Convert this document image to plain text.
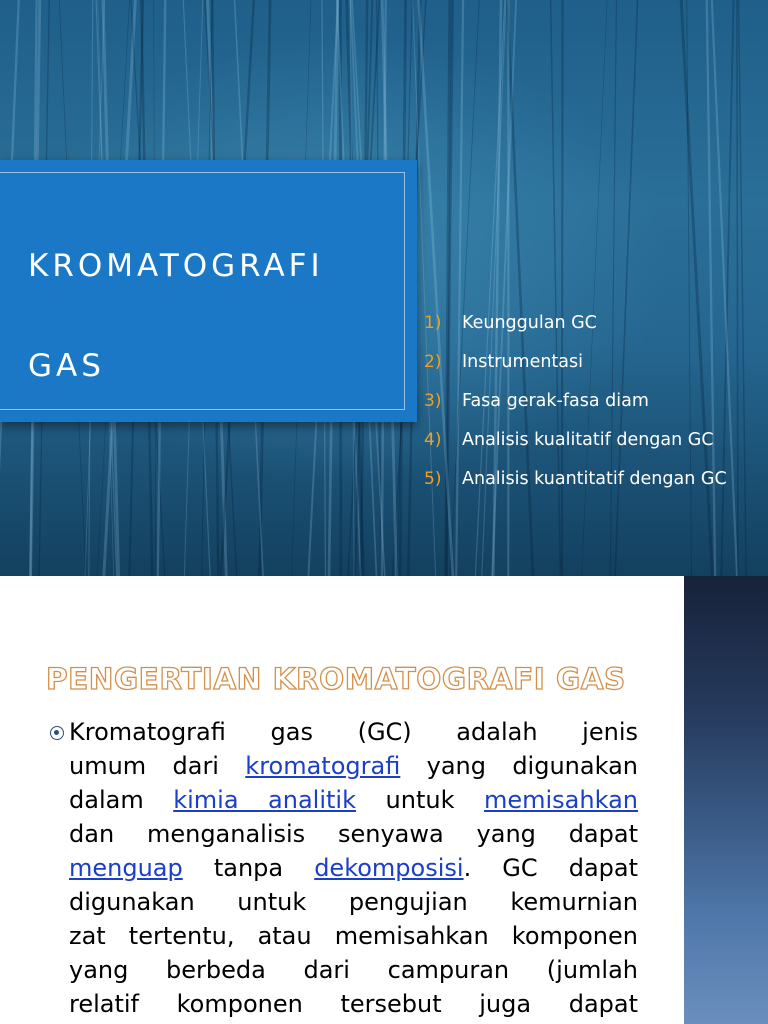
KROMATOGRAFI
GAS
1)	Keunggulan GC
2)	Instrumentasi
3)	Fasa gerak-fasa diam
4)	Analisis kualitatif dengan GC
5)	Analisis kuantitatif dengan GC
PENGERTIAN KROMATOGRAFI GAS

Kromatografi gas (GC) adalah jenis
umum dari kromatografi yang digunakan
dalam kimia analitik untuk memisahkan
dan menganalisis senyawa yang dapat
menguap tanpa dekomposisi. GC dapat
digunakan untuk pengujian kemurnian
zat tertentu, atau memisahkan komponen
yang berbeda dari campuran (jumlah
relatif komponen tersebut juga dapat
